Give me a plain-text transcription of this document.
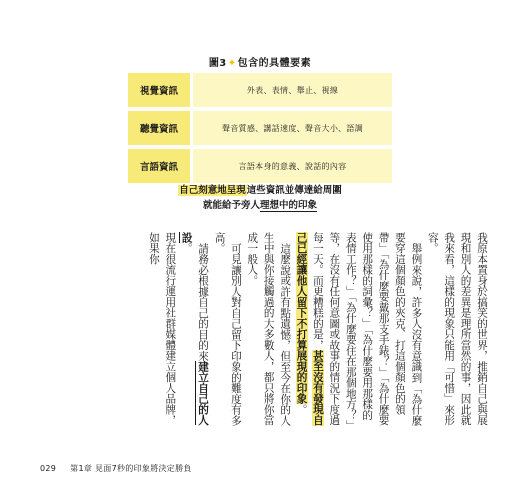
圖3✦包含的具體要素
視覺資訊	外表、表情、舉止、視線
聽覺資訊	聲音質感、講話速度、聲音大小、語調
言語資訊	言語本身的意義、說話的內容
自己刻意地呈現這些資訊並傳達給周圍
就能給予旁人理想中的印象

我原本置身於搞笑的世界，推銷自己與展現和別人的差異是理所當然的事，因此就我來看，這樣的現象只能用「可惜」來形容。

舉例來說，許多人沒有意識到「為什麼要穿這個顏色的夾克、打這個顏色的領帶」「為什麼要戴那支手錶？」「為什麼要使用那樣的詞彙？」「為什麼要用那樣的表情工作？」「為什麼要住在那個地方？」等，在沒有任何意圖或故事的情況下度過每一天。而更糟糕的是，甚至沒有發現自己已經讓他人留下不打算展現的印象。

這麼說或許有點遺憾，但至今在你的人生中與你接觸過的大多數人，都只將你當成一般人。

可見讓別人對自己留下印象的難度有多高。

請務必根據自己的目的來建立自己的人設。

現在很流行運用社群媒體建立個人品牌，如果你

029 第1章 見面7秒的印象將決定勝負
